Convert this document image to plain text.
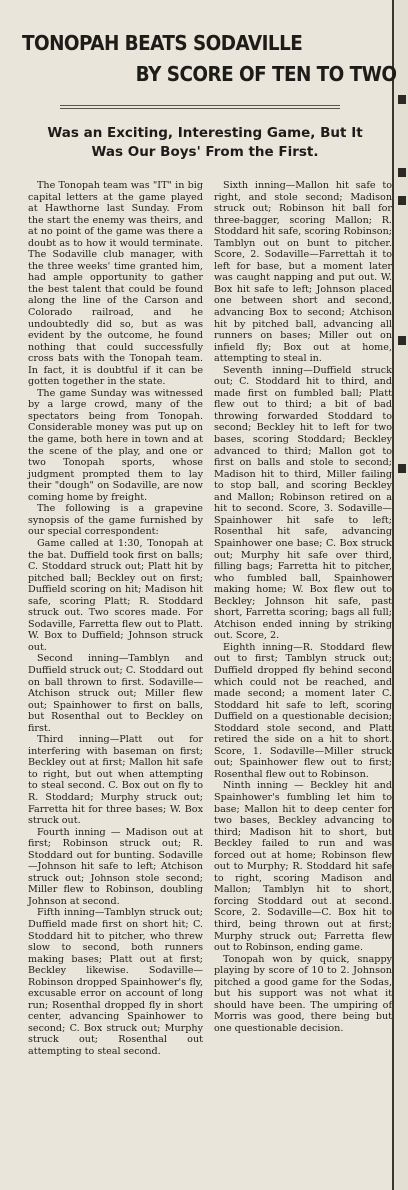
TONOPAH BEATS SODAVILLE
BY SCORE OF TEN TO TWO
Was an Exciting, Interesting Game, But It Was Our Boys' From the First.

The Tonopah team was "IT" in big capital letters at the game played at Hawthorne last Sunday. From the start the enemy was theirs, and at no point of the game was there a doubt as to how it would terminate. The Sodaville club manager, with the three weeks' time granted him, had ample opportunity to gather the best talent that could be found along the line of the Carson and Colorado railroad, and he undoubtedly did so, but as was evident by the outcome, he found nothing that could successfully cross bats with the Tonopah team. In fact, it is doubtful if it can be gotten together in the state.

The game Sunday was witnessed by a large crowd, many of the spectators being from Tonopah. Considerable money was put up on the game, both here in town and at the scene of the play, and one or two Tonopah sports, whose judgment prompted them to lay their "dough" on Sodaville, are now coming home by freight.

The following is a grapevine synopsis of the game furnished by our special correspondent:

Game called at 1:30, Tonopah at the bat. Duffield took first on balls; C. Stoddard struck out; Platt hit by pitched ball; Beckley out on first; Duffield scoring on hit; Madison hit safe, scoring Platt; R. Stoddard struck out. Two scores made. For Sodaville, Farretta flew out to Platt. W. Box to Duffield; Johnson struck out.

Second inning—Tamblyn and Duffield struck out; C. Stoddard out on ball thrown to first. Sodaville—Atchison struck out; Miller flew out; Spainhower to first on balls, but Rosenthal out to Beckley on first.

Third inning—Platt out for interfering with baseman on first; Beckley out at first; Mallon hit safe to right, but out when attempting to steal second. C. Box out on fly to R. Stoddard; Murphy struck out; Farretta hit for three bases; W. Box struck out.

Fourth inning — Madison out at first; Robinson struck out; R. Stoddard out for bunting. Sodaville—Johnson hit safe to left; Atchison struck out; Johnson stole second; Miller flew to Robinson, doubling Johnson at second.

Fifth inning—Tamblyn struck out; Duffield made first on short hit; C. Stoddard hit to pitcher, who threw slow to second, both runners making bases; Platt out at first; Beckley likewise. Sodaville—Robinson dropped Spainhower's fly, excusable error on account of long run; Rosenthal dropped fly in short center, advancing Spainhower to second; C. Box struck out; Murphy struck out; Rosenthal out attempting to steal second.

Sixth inning—Mallon hit safe to right, and stole second; Madison struck out; Robinson hit ball for three-bagger, scoring Mallon; R. Stoddard hit safe, scoring Robinson; Tamblyn out on bunt to pitcher. Score, 2. Sodaville—Farrettah it to left for base, but a moment later was caught napping and put out. W. Box hit safe to left; Johnson placed one between short and second, advancing Box to second; Atchison hit by pitched ball, advancing all runners on bases; Miller out on infield fly; Box out at home, attempting to steal in.

Seventh inning—Duffield struck out; C. Stoddard hit to third, and made first on fumbled ball; Platt flew out to third; a bit of bad throwing forwarded Stoddard to second; Beckley hit to left for two bases, scoring Stoddard; Beckley advanced to third; Mallon got to first on balls and stole to second; Madison hit to third, Miller failing to stop ball, and scoring Beckley and Mallon; Robinson retired on a hit to second. Score, 3. Sodaville—Spainhower hit safe to left; Rosenthal hit safe, advancing Spainhower one base; C. Box struck out; Murphy hit safe over third, filling bags; Farretta hit to pitcher, who fumbled ball, Spainhower making home; W. Box flew out to Beckley; Johnson hit safe, past short, Farretta scoring; bags all full; Atchison ended inning by striking out. Score, 2.

Eighth inning—R. Stoddard flew out to first; Tamblyn struck out; Duffield dropped fly behind second which could not be reached, and made second; a moment later C. Stoddard hit safe to left, scoring Duffield on a questionable decision; Stoddard stole second, and Platt retired the side on a hit to short. Score, 1. Sodaville—Miller struck out; Spainhower flew out to first; Rosenthal flew out to Robinson.

Ninth inning — Beckley hit and Spainhower's fumbling let him to base; Mallon hit to deep center for two bases, Beckley advancing to third; Madison hit to short, but Beckley failed to run and was forced out at home; Robinson flew out to Murphy; R. Stoddard hit safe to right, scoring Madison and Mallon; Tamblyn hit to short, forcing Stoddard out at second. Score, 2. Sodaville—C. Box hit to third, being thrown out at first; Murphy struck out; Farretta flew out to Robinson, ending game.

Tonopah won by quick, snappy playing by score of 10 to 2. Johnson pitched a good game for the Sodas, but his support was not what it should have been. The umpiring of Morris was good, there being but one questionable decision.
